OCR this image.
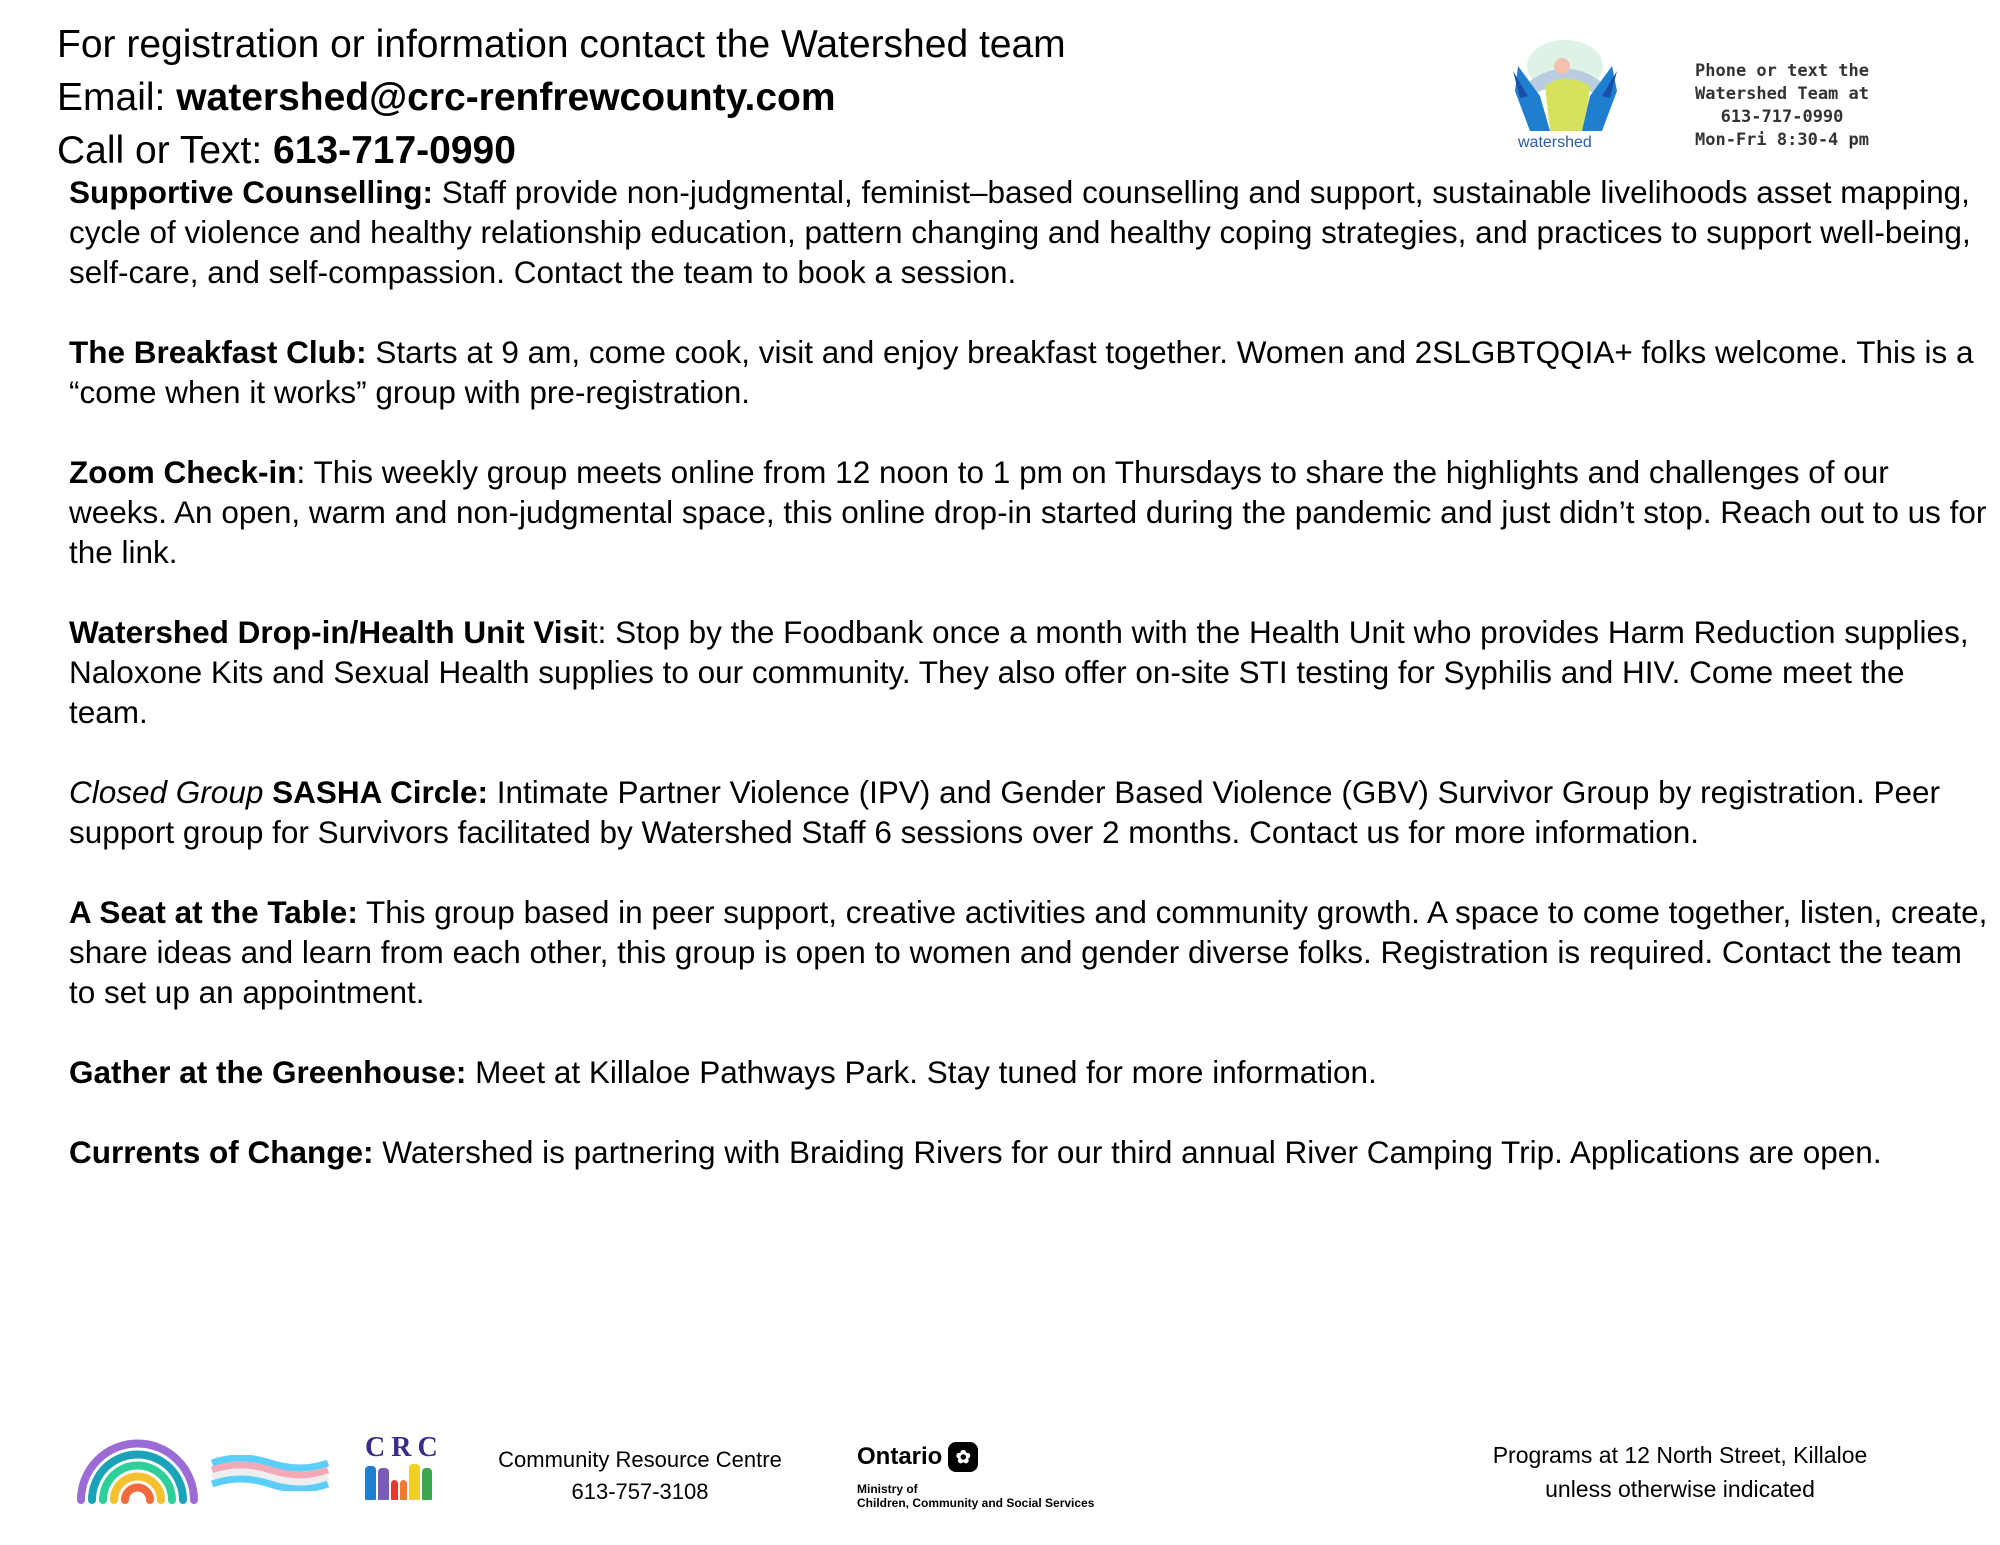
For registration or information contact the Watershed team
Email: watershed@crc-renfrewcounty.com
Call or Text: 613-717-0990	watershed
Phone or text the
Watershed Team at
613-717-0990
Mon-Fri 8:30-4 pm

Supportive Counselling: Staff provide non-judgmental, feminist–based counselling and support, sustainable livelihoods asset mapping, cycle of violence and healthy relationship education, pattern changing and healthy coping strategies, and practices to support well-being, self-care, and self-compassion. Contact the team to book a session.

The Breakfast Club: Starts at 9 am, come cook, visit and enjoy breakfast together. Women and 2SLGBTQQIA+ folks welcome. This is a “come when it works” group with pre-registration.

Zoom Check-in: This weekly group meets online from 12 noon to 1 pm on Thursdays to share the highlights and challenges of our weeks. An open, warm and non-judgmental space, this online drop-in started during the pandemic and just didn’t stop. Reach out to us for the link.

Watershed Drop-in/Health Unit Visit: Stop by the Foodbank once a month with the Health Unit who provides Harm Reduction supplies, Naloxone Kits and Sexual Health supplies to our community. They also offer on-site STI testing for Syphilis and HIV. Come meet the team.

Closed Group SASHA Circle: Intimate Partner Violence (IPV) and Gender Based Violence (GBV) Survivor Group by registration. Peer support group for Survivors facilitated by Watershed Staff 6 sessions over 2 months. Contact us for more information.

A Seat at the Table: This group based in peer support, creative activities and community growth. A space to come together, listen, create, share ideas and learn from each other, this group is open to women and gender diverse folks. Registration is required. Contact the team to set up an appointment.

Gather at the Greenhouse: Meet at Killaloe Pathways Park. Stay tuned for more information.

Currents of Change: Watershed is partnering with Braiding Rivers for our third annual River Camping Trip. Applications are open.

CRC	Community Resource Centre
613-757-3108
Ontario ✿
Ministry of
Children, Community and Social Services
Programs at 12 North Street, Killaloe
unless otherwise indicated
